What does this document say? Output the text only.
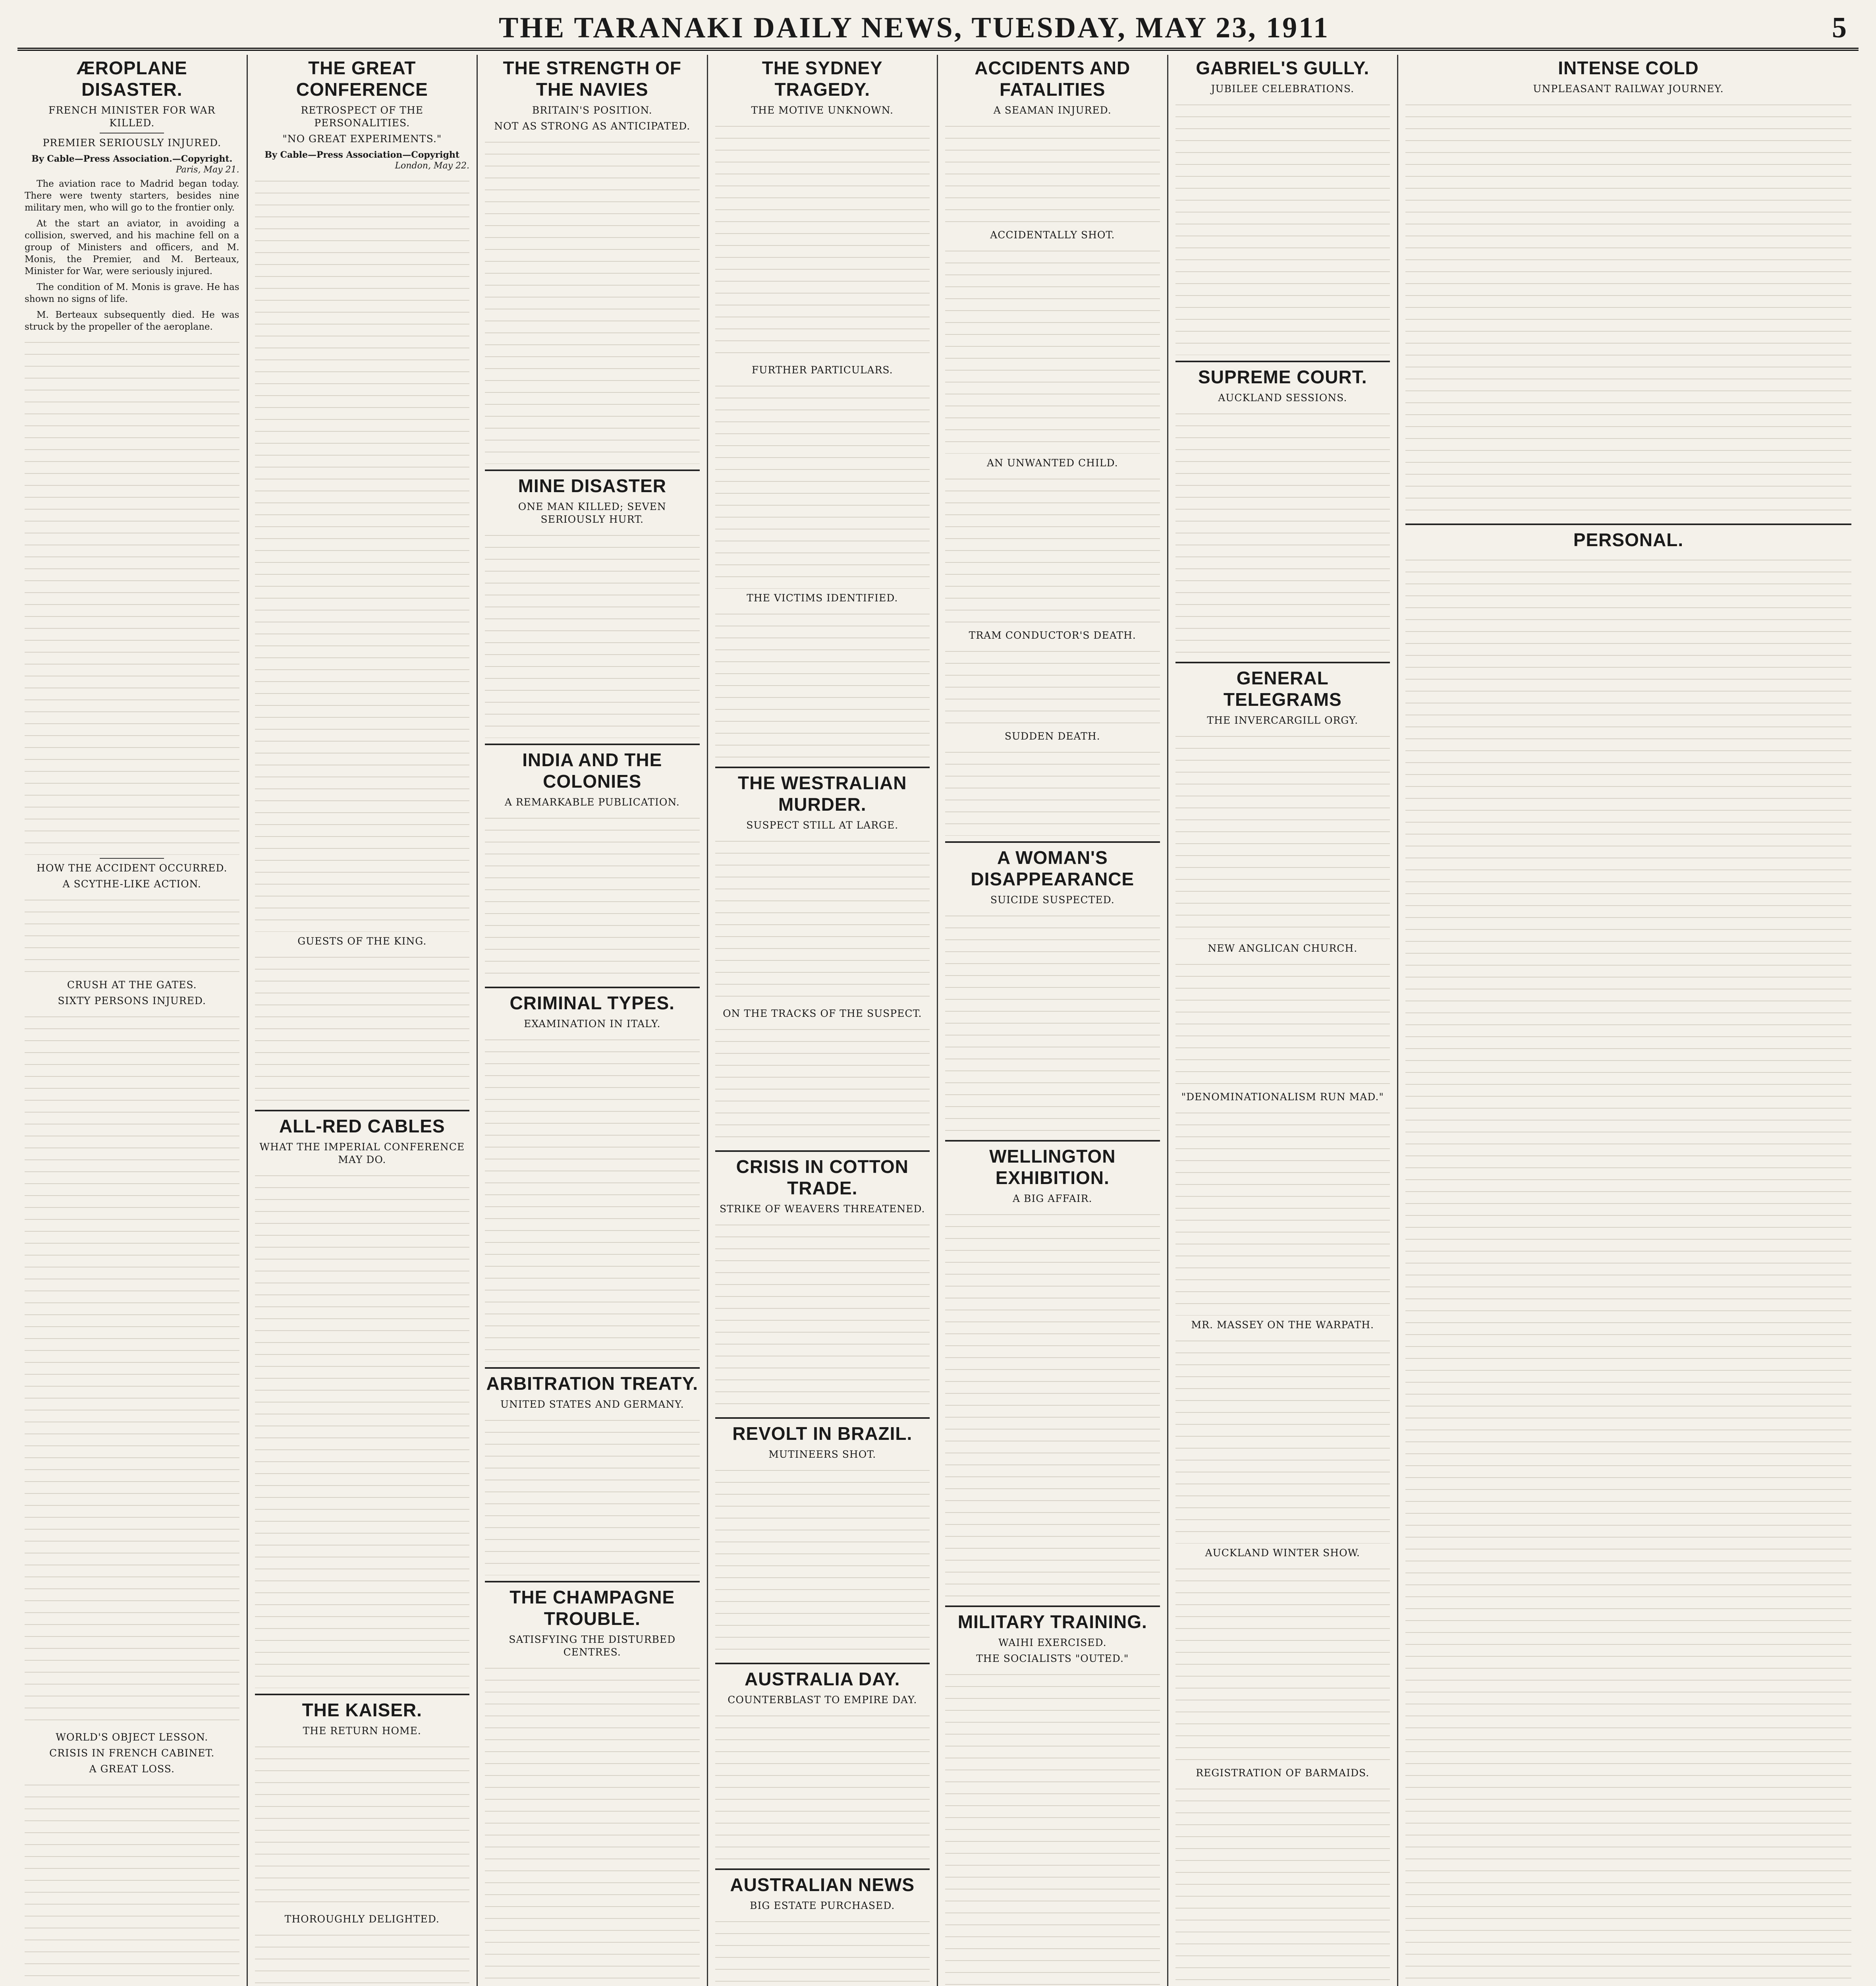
THE TARANAKI DAILY NEWS, TUESDAY, MAY 23, 1911	5
ÆROPLANE DISASTER.
FRENCH MINISTER FOR WAR KILLED.
PREMIER SERIOUSLY INJURED.
By Cable—Press Association.—Copyright.
Paris, May 21.

The aviation race to Madrid began today. There were twenty starters, besides nine military men, who will go to the frontier only.

At the start an aviator, in avoiding a collision, swerved, and his machine fell on a group of Ministers and officers, and M. Monis, the Premier, and M. Berteaux, Minister for War, were seriously injured.

The condition of M. Monis is grave. He has shown no signs of life.

M. Berteaux subsequently died. He was struck by the propeller of the aeroplane.

HOW THE ACCIDENT OCCURRED.
A SCYTHE-LIKE ACTION.
CRUSH AT THE GATES.
SIXTY PERSONS INJURED.
WORLD'S OBJECT LESSON.
CRISIS IN FRENCH CABINET.
A GREAT LOSS.
THE GREAT CONFERENCE
RETROSPECT OF THE PERSONALITIES.
"NO GREAT EXPERIMENTS."
By Cable—Press Association—Copyright
London, May 22.
GUESTS OF THE KING.
ALL-RED CABLES
WHAT THE IMPERIAL CONFERENCE MAY DO.
THE KAISER.
THE RETURN HOME.
THOROUGHLY DELIGHTED.
THE STRENGTH OF THE NAVIES
BRITAIN'S POSITION.
NOT AS STRONG AS ANTICIPATED.
MINE DISASTER
ONE MAN KILLED; SEVEN SERIOUSLY HURT.
INDIA AND THE COLONIES
A REMARKABLE PUBLICATION.
CRIMINAL TYPES.
EXAMINATION IN ITALY.
ARBITRATION TREATY.
UNITED STATES AND GERMANY.
THE CHAMPAGNE TROUBLE.
SATISFYING THE DISTURBED CENTRES.
THE SYDNEY TRAGEDY.
THE MOTIVE UNKNOWN.
FURTHER PARTICULARS.
THE VICTIMS IDENTIFIED.
THE WESTRALIAN MURDER.
SUSPECT STILL AT LARGE.
ON THE TRACKS OF THE SUSPECT.
CRISIS IN COTTON TRADE.
STRIKE OF WEAVERS THREATENED.
REVOLT IN BRAZIL.
MUTINEERS SHOT.
AUSTRALIA DAY.
COUNTERBLAST TO EMPIRE DAY.
AUSTRALIAN NEWS
BIG ESTATE PURCHASED.
ACCIDENTS AND FATALITIES
A SEAMAN INJURED.
ACCIDENTALLY SHOT.
AN UNWANTED CHILD.
TRAM CONDUCTOR'S DEATH.
SUDDEN DEATH.
A WOMAN'S DISAPPEARANCE
SUICIDE SUSPECTED.
WELLINGTON EXHIBITION.
A BIG AFFAIR.
MILITARY TRAINING.
WAIHI EXERCISED.
THE SOCIALISTS "OUTED."
GABRIEL'S GULLY.
JUBILEE CELEBRATIONS.
SUPREME COURT.
AUCKLAND SESSIONS.
GENERAL TELEGRAMS
THE INVERCARGILL ORGY.
NEW ANGLICAN CHURCH.
"DENOMINATIONALISM RUN MAD."
MR. MASSEY ON THE WARPATH.
AUCKLAND WINTER SHOW.
REGISTRATION OF BARMAIDS.
INTENSE COLD
UNPLEASANT RAILWAY JOURNEY.
PERSONAL.
